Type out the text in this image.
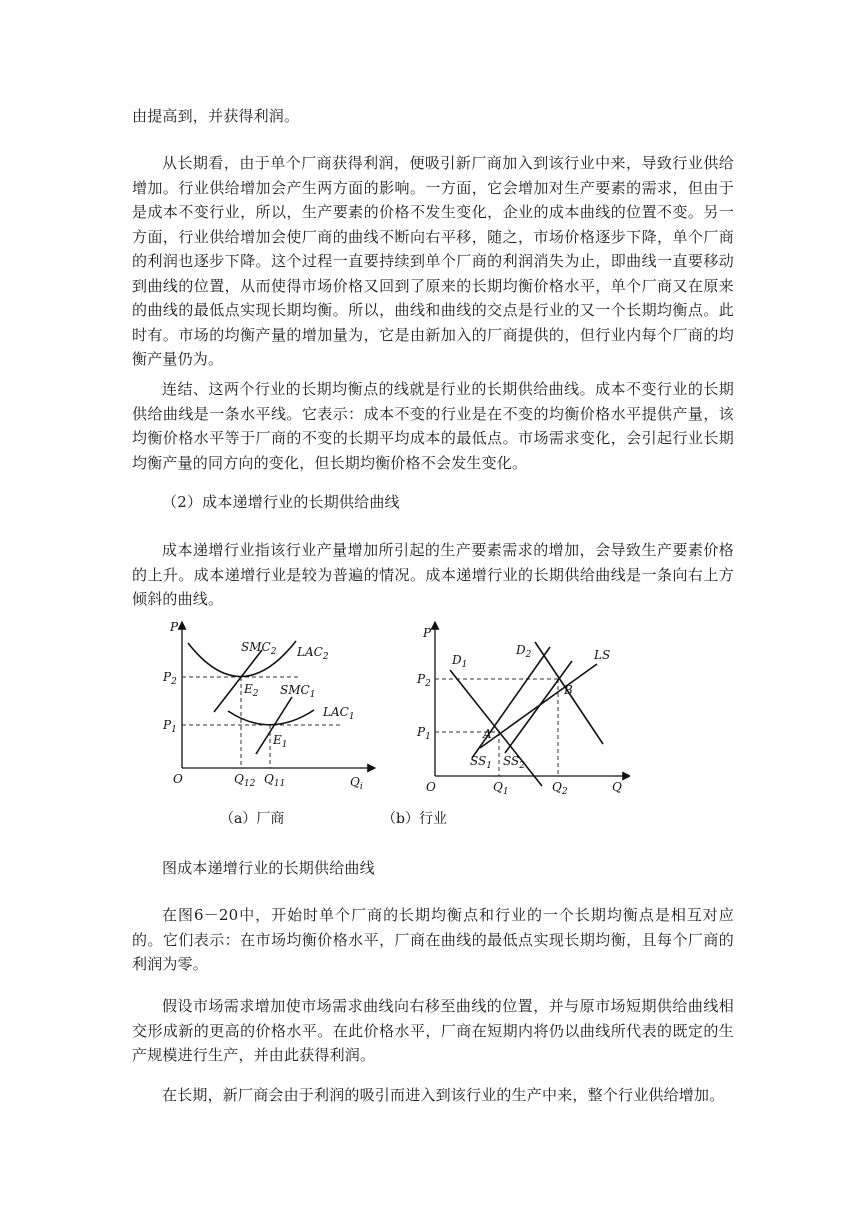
由提高到，并获得利润。

从长期看，由于单个厂商获得利润，便吸引新厂商加入到该行业中来，导致行业供给增加。行业供给增加会产生两方面的影响。一方面，它会增加对生产要素的需求，但由于是成本不变行业，所以，生产要素的价格不发生变化，企业的成本曲线的位置不变。另一方面，行业供给增加会使厂商的曲线不断向右平移，随之，市场价格逐步下降，单个厂商的利润也逐步下降。这个过程一直要持续到单个厂商的利润消失为止，即曲线一直要移动到曲线的位置，从而使得市场价格又回到了原来的长期均衡价格水平，单个厂商又在原来的曲线的最低点实现长期均衡。所以，曲线和曲线的交点是行业的又一个长期均衡点。此时有。市场的均衡产量的增加量为，它是由新加入的厂商提供的，但行业内每个厂商的均衡产量仍为。

连结、这两个行业的长期均衡点的线就是行业的长期供给曲线。成本不变行业的长期供给曲线是一条水平线。它表示：成本不变的行业是在不变的均衡价格水平提供产量，该均衡价格水平等于厂商的不变的长期平均成本的最低点。市场需求变化，会引起行业长期均衡产量的同方向的变化，但长期均衡价格不会发生变化。

（2）成本递增行业的长期供给曲线

成本递增行业指该行业产量增加所引起的生产要素需求的增加，会导致生产要素价格的上升。成本递增行业是较为普遍的情况。成本递增行业的长期供给曲线是一条向右上方倾斜的曲线。

P
O
$P_2$
$P_1$
$SMC_2$ $LAC_2$
$SMC_1$
$LAC_1$
$E_2$
$E_1$
$Q_{12}$ $Q_{11}$	$Q_i$
（a）厂商
P
O
$P_2$
$P_1$
$D_1$
$D_2$	LS
A
B
$SS_1$ $SS_2$
$Q_1$	$Q_2$	Q
（b）行业

图成本递增行业的长期供给曲线

在图6－20中，开始时单个厂商的长期均衡点和行业的一个长期均衡点是相互对应的。它们表示：在市场均衡价格水平，厂商在曲线的最低点实现长期均衡，且每个厂商的利润为零。

假设市场需求增加使市场需求曲线向右移至曲线的位置，并与原市场短期供给曲线相交形成新的更高的价格水平。在此价格水平，厂商在短期内将仍以曲线所代表的既定的生产规模进行生产，并由此获得利润。

在长期，新厂商会由于利润的吸引而进入到该行业的生产中来，整个行业供给增加。
